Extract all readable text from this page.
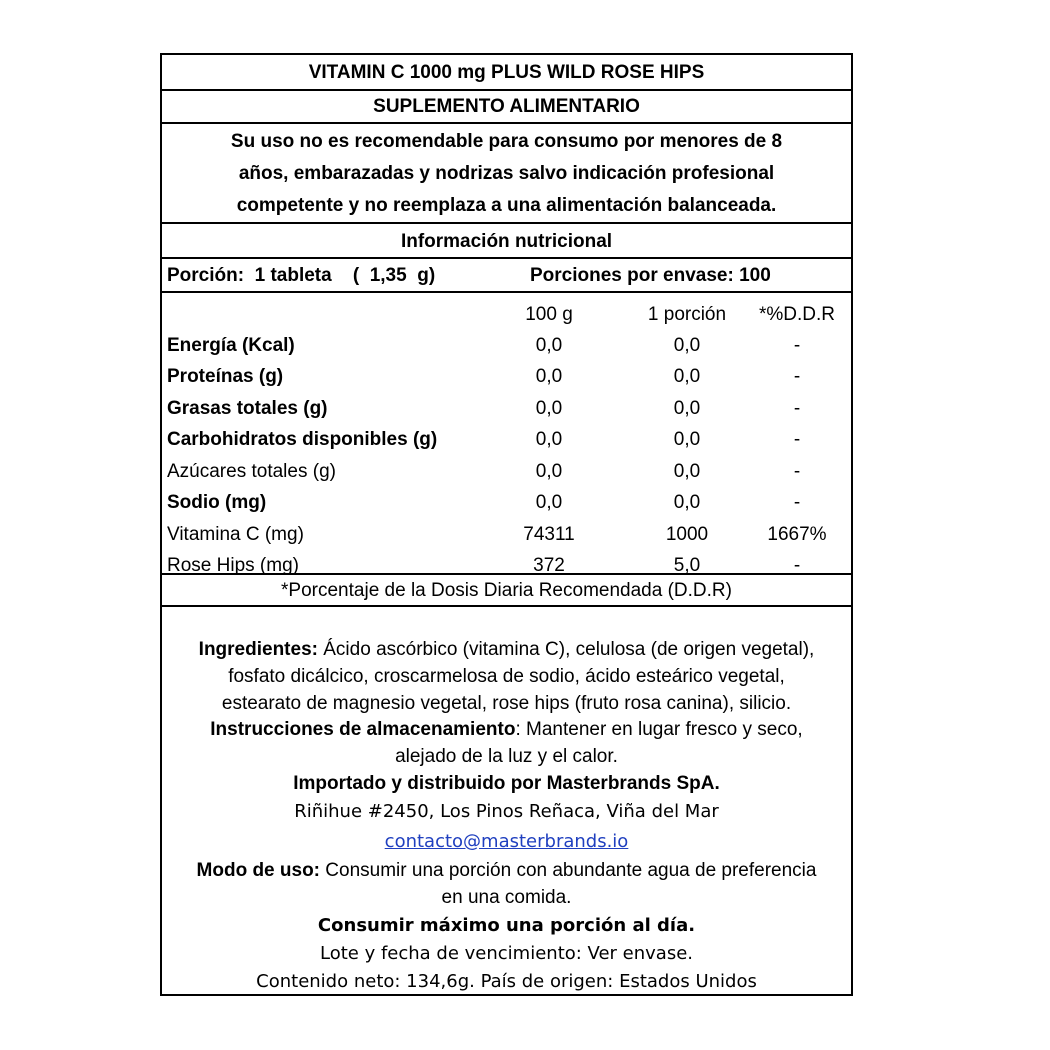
VITAMIN C 1000 mg PLUS WILD ROSE HIPS
SUPLEMENTO ALIMENTARIO
Su uso no es recomendable para consumo por menores de 8
años, embarazadas y nodrizas salvo indicación profesional
competente y no reemplaza a una alimentación balanceada.
Información nutricional
Porción:  1 tableta    (  1,35  g)	Porciones por envase: 100
100 g	1 porción	*%D.D.R
Energía (Kcal)	0,0	0,0	-
Proteínas (g)	0,0	0,0	-
Grasas totales (g)	0,0	0,0	-
Carbohidratos disponibles (g)	0,0	0,0	-
Azúcares totales (g)	0,0	0,0	-
Sodio (mg)	0,0	0,0	-
Vitamina C (mg)	74311	1000	1667%
Rose Hips (mg)	372	5,0	-
*Porcentaje de la Dosis Diaria Recomendada (D.D.R)
Ingredientes: Ácido ascórbico (vitamina C), celulosa (de origen vegetal),
fosfato dicálcico, croscarmelosa de sodio, ácido esteárico vegetal,
estearato de magnesio vegetal, rose hips (fruto rosa canina), silicio.
Instrucciones de almacenamiento: Mantener en lugar fresco y seco,
alejado de la luz y el calor.
Importado y distribuido por Masterbrands SpA.
Riñihue #2450, Los Pinos Reñaca, Viña del Mar
contacto@masterbrands.io
Modo de uso: Consumir una porción con abundante agua de preferencia
en una comida.
Consumir máximo una porción al día.
Lote y fecha de vencimiento: Ver envase.
Contenido neto: 134,6g. País de origen: Estados Unidos
